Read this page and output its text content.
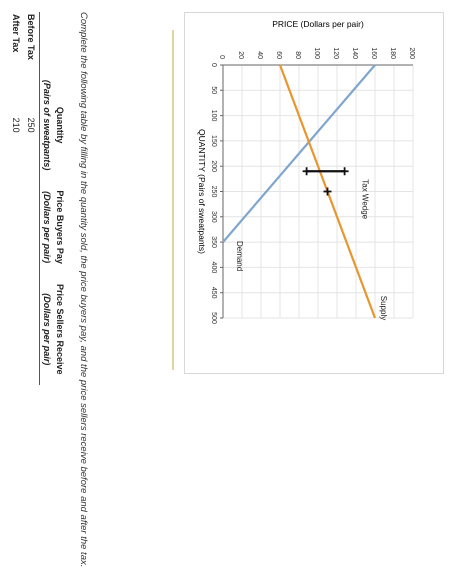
0 20 40 60 80 100 120 140 160 180 200
0
50
100
150
200
250
300
350
400
450
500
PRICE (Dollars per pair)
QUANTITY (Pairs of sweatpants)
Supply
Demand
Tax Wedge
Complete the following table by filling in the quantity sold, the price buyers pay, and the price sellers receive before and after the tax.
	Quantity	Price Buyers Pay	Price Sellers Receive
	(Pairs of sweatpants)	(Dollars per pair)	(Dollars per pair)
Before Tax	250		
After Tax	210		
